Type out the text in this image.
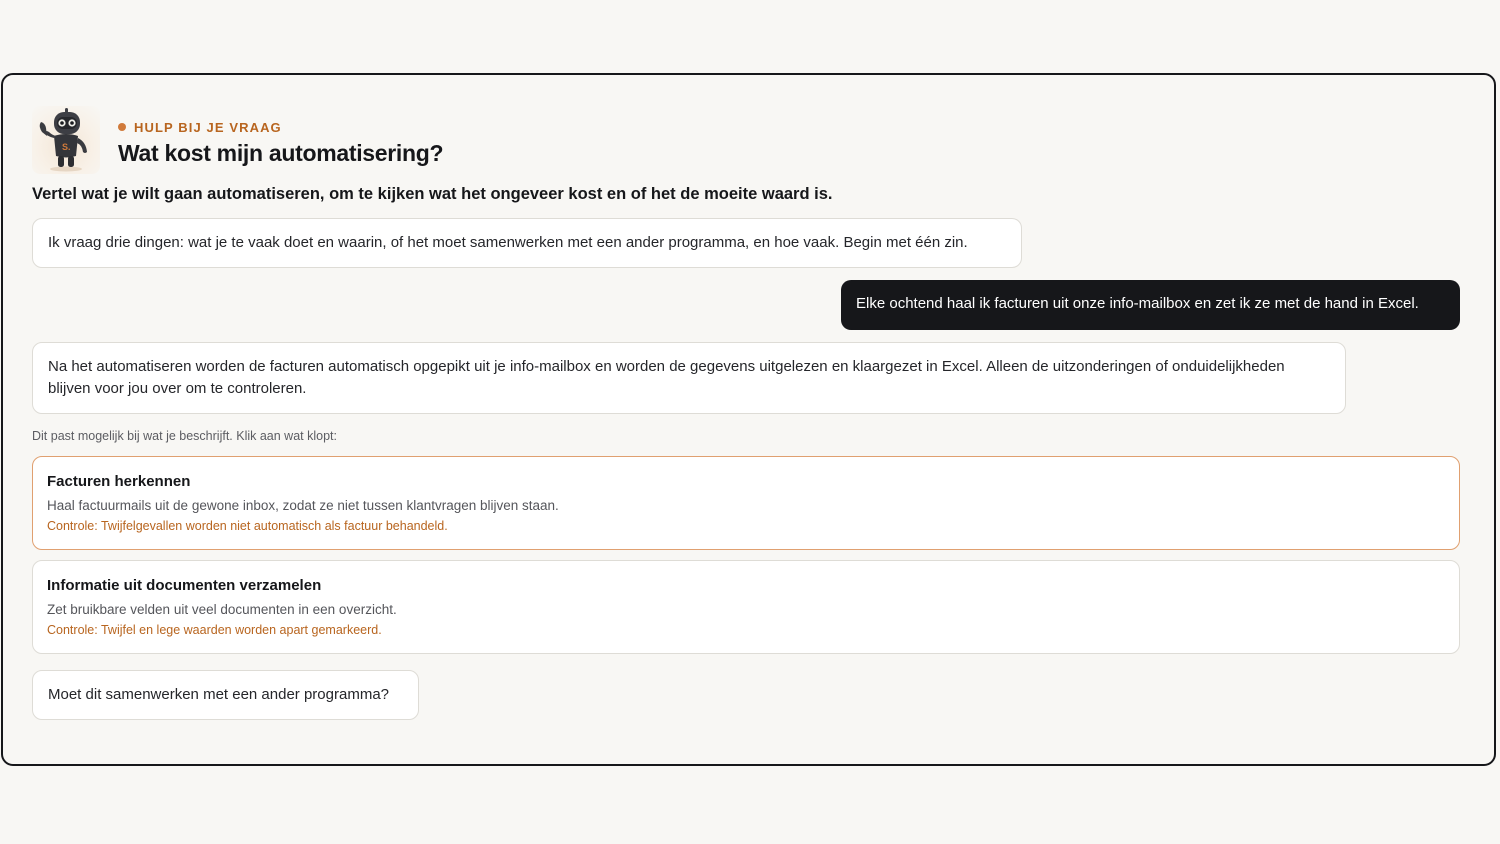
S.
HULP BIJ JE VRAAG
Wat kost mijn automatisering?
Vertel wat je wilt gaan automatiseren, om te kijken wat het ongeveer kost en of het de moeite waard is.
Ik vraag drie dingen: wat je te vaak doet en waarin, of het moet samenwerken met een ander programma, en hoe vaak. Begin met één zin.
Elke ochtend haal ik facturen uit onze info-mailbox en zet ik ze met de hand in Excel.
Na het automatiseren worden de facturen automatisch opgepikt uit je info-mailbox en worden de gegevens uitgelezen en klaargezet in Excel. Alleen de uitzonderingen of onduidelijkheden blijven voor jou over om te controleren.
Dit past mogelijk bij wat je beschrijft. Klik aan wat klopt:
Facturen herkennen
Haal factuurmails uit de gewone inbox, zodat ze niet tussen klantvragen blijven staan.
Controle: Twijfelgevallen worden niet automatisch als factuur behandeld.
Informatie uit documenten verzamelen
Zet bruikbare velden uit veel documenten in een overzicht.
Controle: Twijfel en lege waarden worden apart gemarkeerd.
Moet dit samenwerken met een ander programma?
